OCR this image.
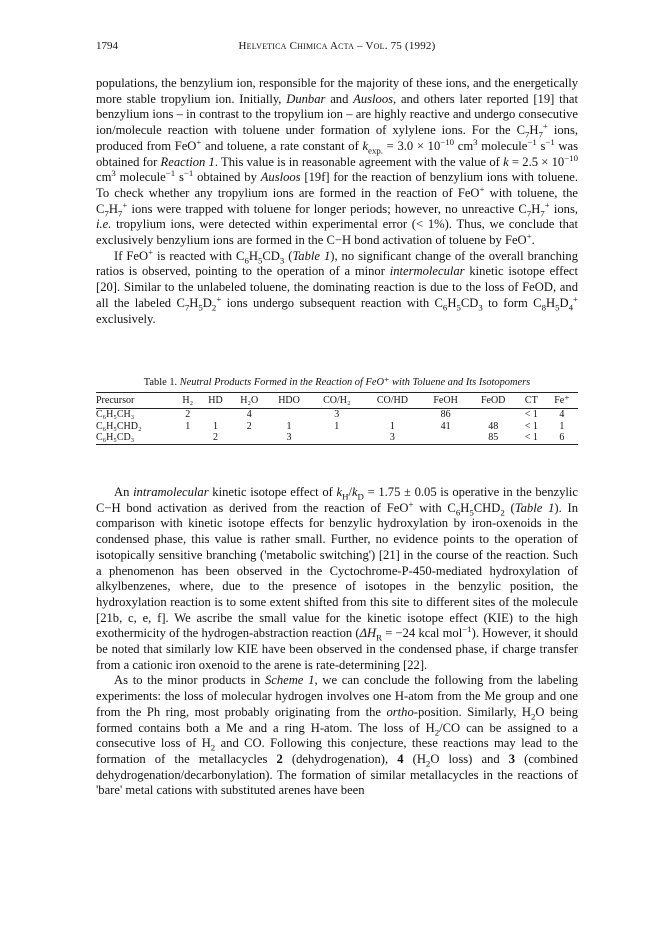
1794	Helvetica Chimica Acta – Vol. 75 (1992)

populations, the benzylium ion, responsible for the majority of these ions, and the energetically more stable tropylium ion. Initially, Dunbar and Ausloos, and others later reported [19] that benzylium ions – in contrast to the tropylium ion – are highly reactive and undergo consecutive ion/molecule reaction with toluene under formation of xylylene ions. For the $C_7H_7^+$ ions, produced from FeO+ and toluene, a rate constant of $k_{exp.} = 3.0 \times 10^{-10}$ $cm^3$ molecule$^{-1}$ $s^{-1}$ was obtained for Reaction 1. This value is in reasonable agreement with the value of $k = 2.5 \times 10^{-10}$ $cm^3$ molecule$^{-1}$ $s^{-1}$ obtained by Ausloos [19f] for the reaction of benzylium ions with toluene. To check whether any tropylium ions are formed in the reaction of FeO+ with toluene, the $C_7H_7^+$ ions were trapped with toluene for longer periods; however, no unreactive $C_7H_7^+$ ions, i.e. tropylium ions, were detected within experimental error (< 1%). Thus, we conclude that exclusively benzylium ions are formed in the C−H bond activation of toluene by FeO+.

If FeO+ is reacted with $C_6H_5CD_3$ (Table 1), no significant change of the overall branching ratios is observed, pointing to the operation of a minor intermolecular kinetic isotope effect [20]. Similar to the unlabeled toluene, the dominating reaction is due to the loss of FeOD, and all the labeled $C_7H_5D_2^+$ ions undergo subsequent reaction with $C_6H_5CD_3$ to form $C_8H_5D_4^+$ exclusively.

Table 1. Neutral Products Formed in the Reaction of FeO⁺ with Toluene and Its Isotopomers
Precursor	H₂	HD	H₂O	HDO	CO/H₂	CO/HD	FeOH	FeOD	CT	Fe⁺
C₆H₅CH₃	2		4		3		86		< 1	4
C₆H₅CHD₂	1	1	2	1	1	1	41	48	< 1	1
C₆H₅CD₃		2		3		3		85	< 1	6

An intramolecular kinetic isotope effect of $k_H/k_D = 1.75 \pm 0.05$ is operative in the benzylic C−H bond activation as derived from the reaction of FeO+ with $C_6H_5CHD_2$ (Table 1). In comparison with kinetic isotope effects for benzylic hydroxylation by iron-oxenoids in the condensed phase, this value is rather small. Further, no evidence points to the operation of isotopically sensitive branching ('metabolic switching') [21] in the course of the reaction. Such a phenomenon has been observed in the Cyctochrome-P-450-mediated hydroxylation of alkylbenzenes, where, due to the presence of isotopes in the benzylic position, the hydroxylation reaction is to some extent shifted from this site to different sites of the molecule [21b, c, e, f]. We ascribe the small value for the kinetic isotope effect (KIE) to the high exothermicity of the hydrogen-abstraction reaction ($\Delta H_R = -24$ kcal mol$^{-1}$). However, it should be noted that similarly low KIE have been observed in the condensed phase, if charge transfer from a cationic iron oxenoid to the arene is rate-determining [22].

As to the minor products in Scheme 1, we can conclude the following from the labeling experiments: the loss of molecular hydrogen involves one H-atom from the Me group and one from the Ph ring, most probably originating from the ortho-position. Similarly, $H_2O$ being formed contains both a Me and a ring H-atom. The loss of $H_2/CO$ can be assigned to a consecutive loss of $H_2$ and CO. Following this conjecture, these reactions may lead to the formation of the metallacycles 2 (dehydrogenation), 4 ($H_2O$ loss) and 3 (combined dehydrogenation/decarbonylation). The formation of similar metallacycles in the reactions of 'bare' metal cations with substituted arenes have been
